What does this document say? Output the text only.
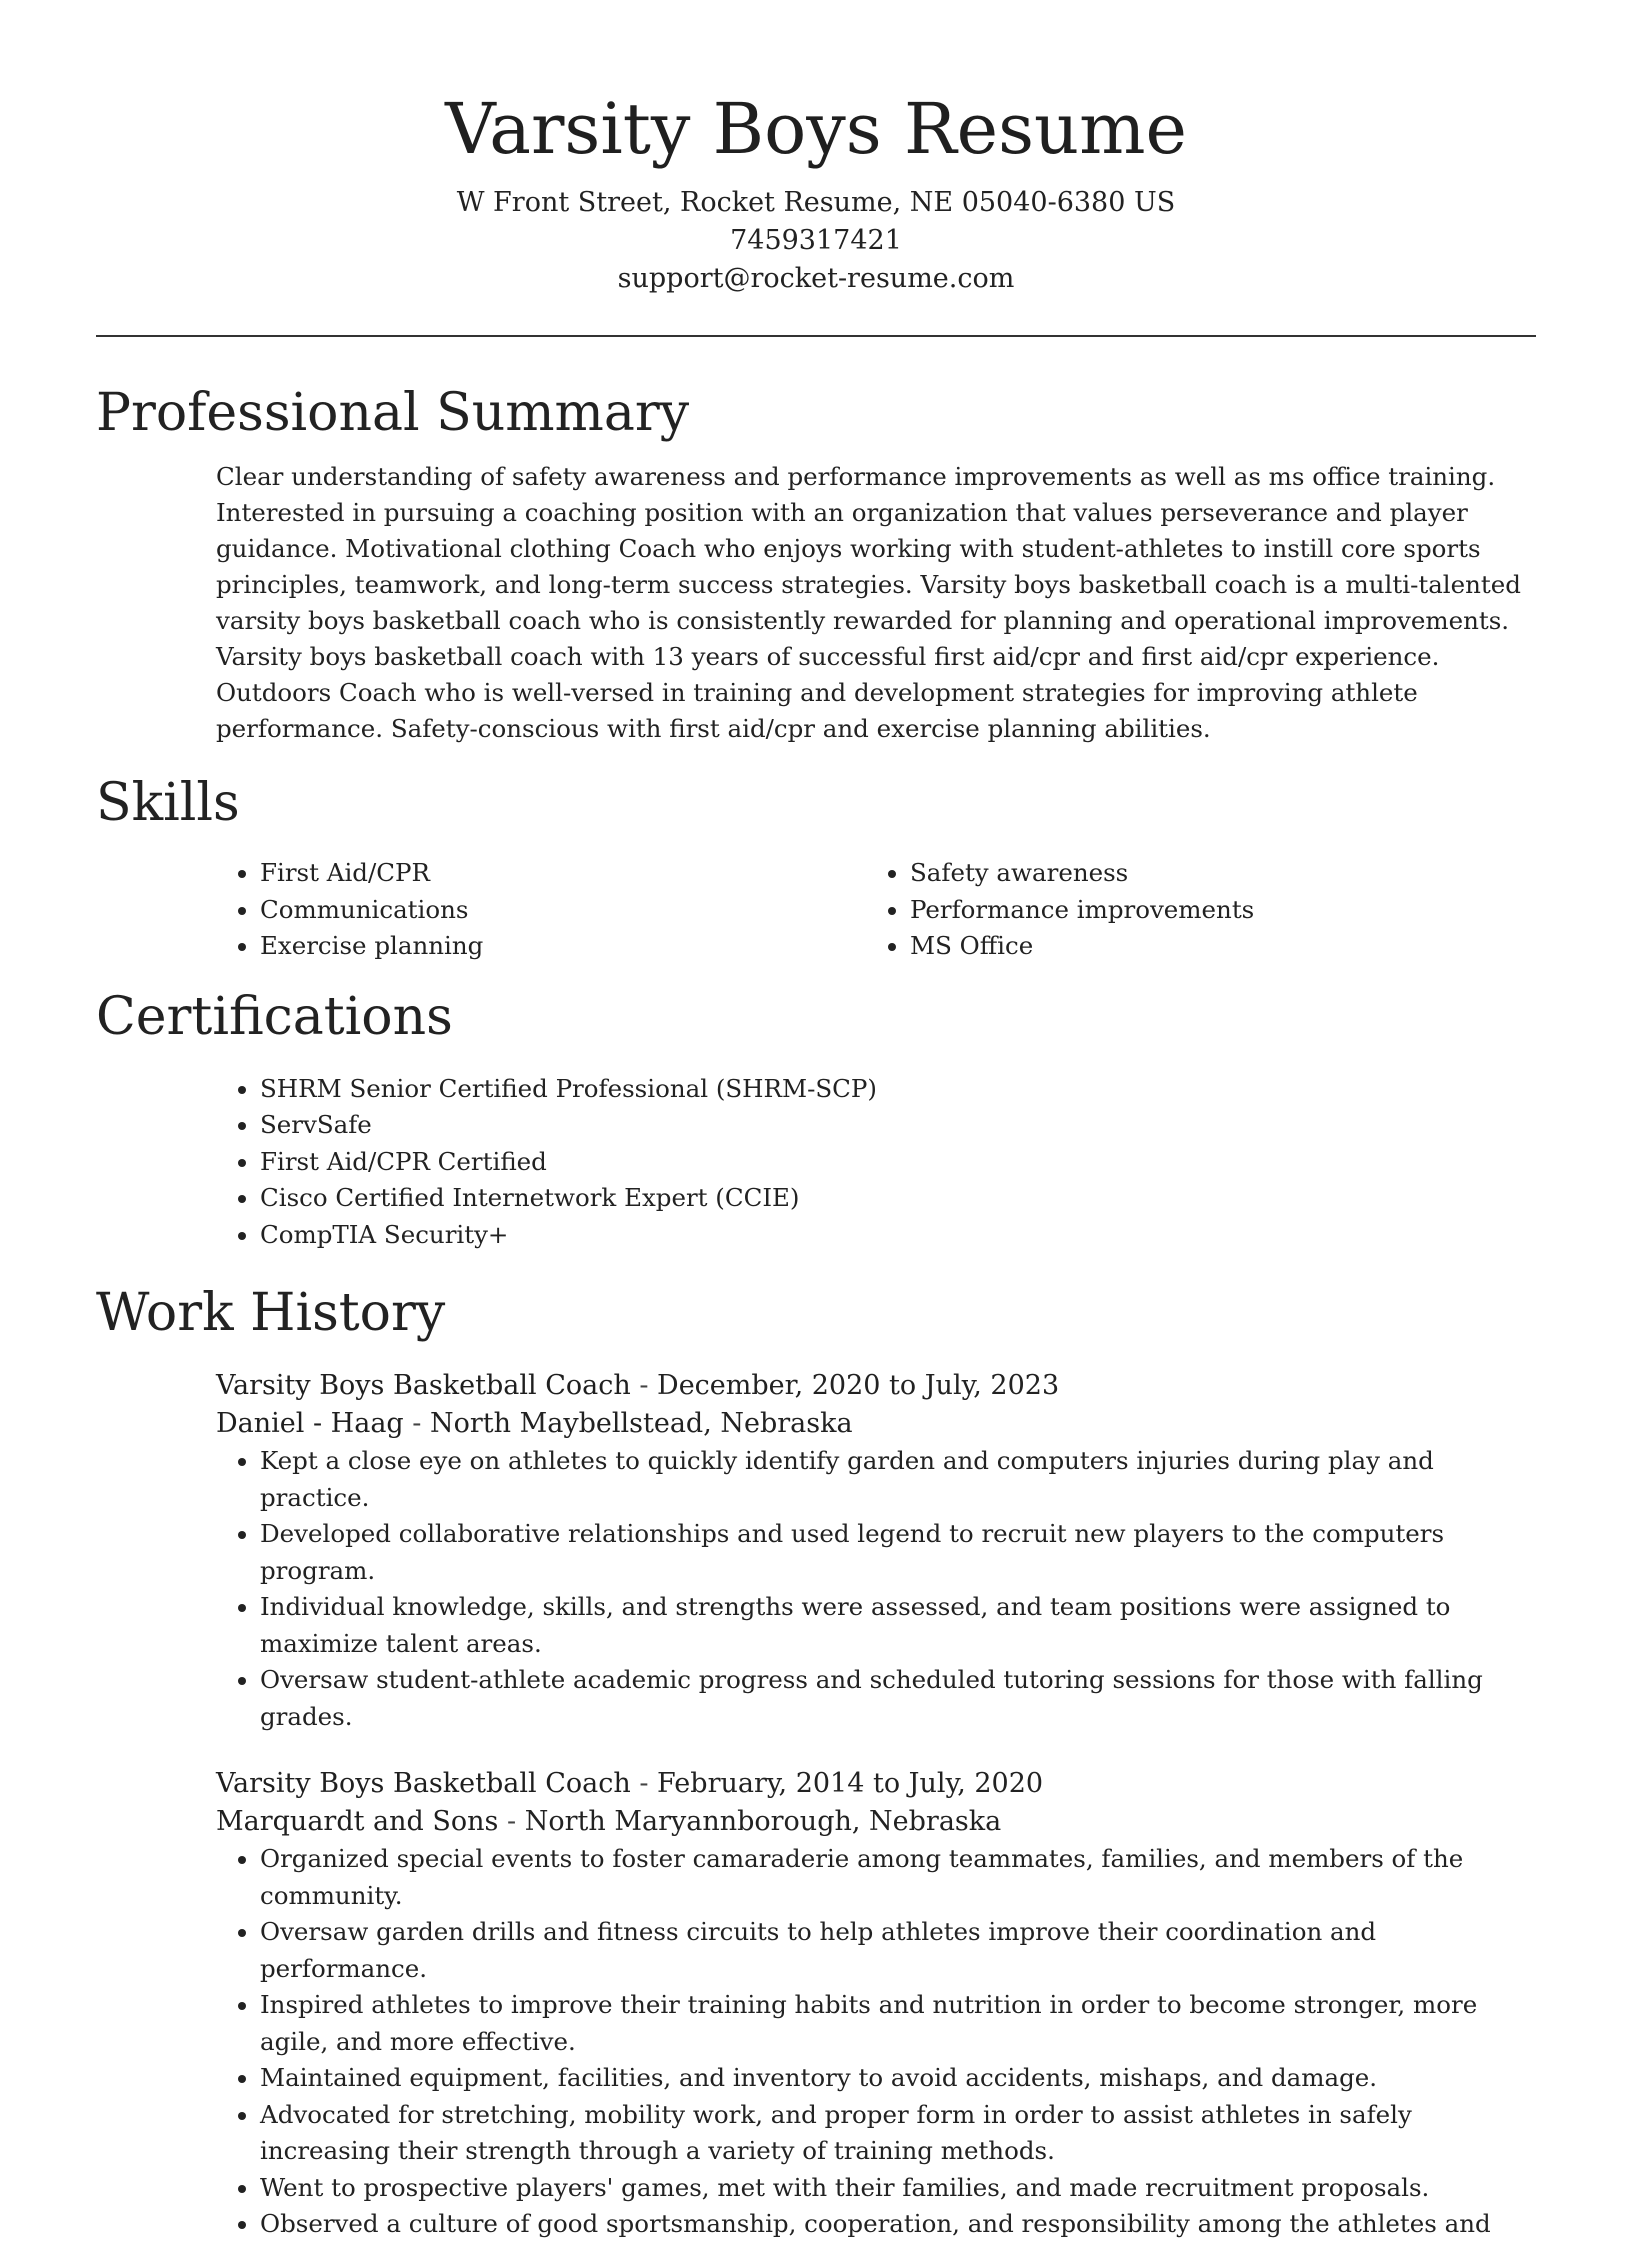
Varsity Boys Resume
W Front Street, Rocket Resume, NE 05040-6380 US
7459317421
support@rocket-resume.com
Professional Summary

Clear understanding of safety awareness and performance improvements as well as ms office training. Interested in pursuing a coaching position with an organization that values perseverance and player guidance. Motivational clothing Coach who enjoys working with student-athletes to instill core sports principles, teamwork, and long-term success strategies. Varsity boys basketball coach is a multi-talented varsity boys basketball coach who is consistently rewarded for planning and operational improvements. Varsity boys basketball coach with 13 years of successful first aid/cpr and first aid/cpr experience. Outdoors Coach who is well-versed in training and development strategies for improving athlete performance. Safety-conscious with first aid/cpr and exercise planning abilities.

Skills
• First Aid/CPR
• Communications
• Exercise planning
• Safety awareness
• Performance improvements
• MS Office
Certifications
• SHRM Senior Certified Professional (SHRM-SCP)
• ServSafe
• First Aid/CPR Certified
• Cisco Certified Internetwork Expert (CCIE)
• CompTIA Security+
Work History
Varsity Boys Basketball Coach - December, 2020 to July, 2023
Daniel - Haag - North Maybellstead, Nebraska
• Kept a close eye on athletes to quickly identify garden and computers injuries during play and practice.
• Developed collaborative relationships and used legend to recruit new players to the computers program.
• Individual knowledge, skills, and strengths were assessed, and team positions were assigned to maximize talent areas.
• Oversaw student-athlete academic progress and scheduled tutoring sessions for those with falling grades.
Varsity Boys Basketball Coach - February, 2014 to July, 2020
Marquardt and Sons - North Maryannborough, Nebraska
• Organized special events to foster camaraderie among teammates, families, and members of the community.
• Oversaw garden drills and fitness circuits to help athletes improve their coordination and performance.
• Inspired athletes to improve their training habits and nutrition in order to become stronger, more agile, and more effective.
• Maintained equipment, facilities, and inventory to avoid accidents, mishaps, and damage.
• Advocated for stretching, mobility work, and proper form in order to assist athletes in safely increasing their strength through a variety of training methods.
• Went to prospective players' games, met with their families, and made recruitment proposals.
• Observed a culture of good sportsmanship, cooperation, and responsibility among the athletes and
